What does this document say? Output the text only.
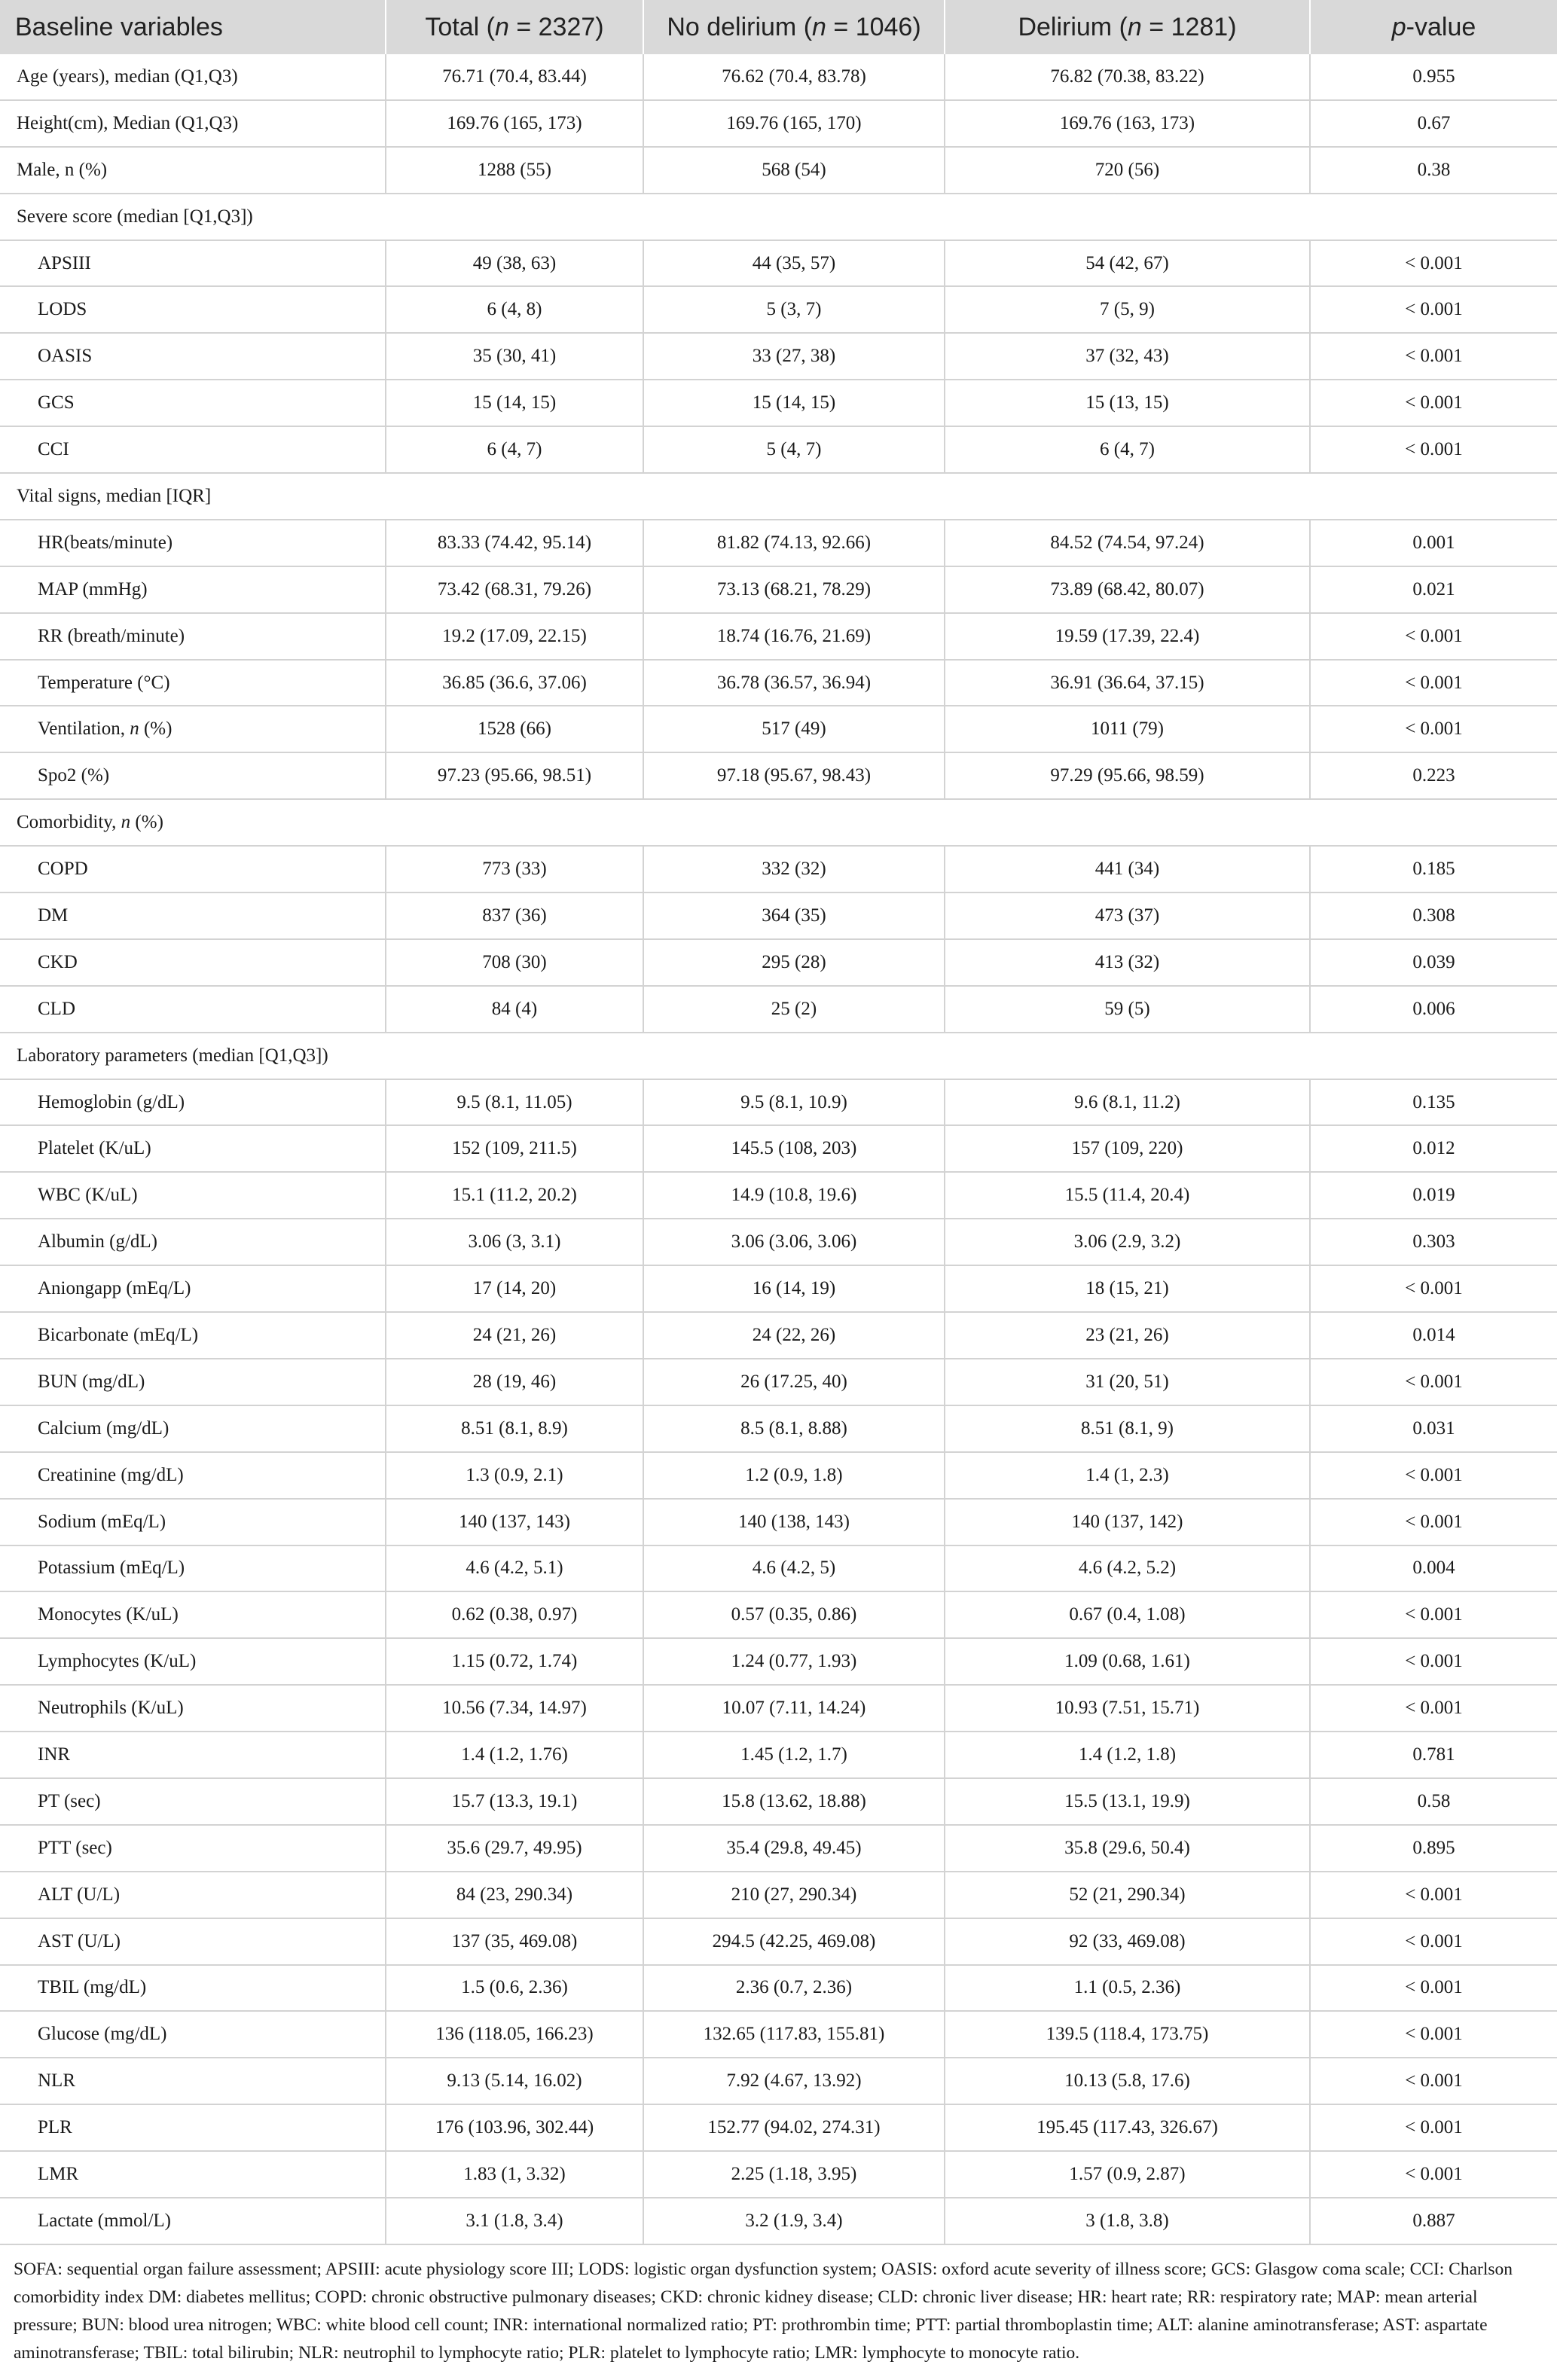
Baseline variables	Total (n = 2327)	No delirium (n = 1046)	Delirium (n = 1281)	p-value
Age (years), median (Q1,Q3)	76.71 (70.4, 83.44)	76.62 (70.4, 83.78)	76.82 (70.38, 83.22)	0.955
Height(cm), Median (Q1,Q3)	169.76 (165, 173)	169.76 (165, 170)	169.76 (163, 173)	0.67
Male, n (%)	1288 (55)	568 (54)	720 (56)	0.38
Severe score (median [Q1,Q3])				
APSIII	49 (38, 63)	44 (35, 57)	54 (42, 67)	< 0.001
LODS	6 (4, 8)	5 (3, 7)	7 (5, 9)	< 0.001
OASIS	35 (30, 41)	33 (27, 38)	37 (32, 43)	< 0.001
GCS	15 (14, 15)	15 (14, 15)	15 (13, 15)	< 0.001
CCI	6 (4, 7)	5 (4, 7)	6 (4, 7)	< 0.001
Vital signs, median [IQR]				
HR(beats/minute)	83.33 (74.42, 95.14)	81.82 (74.13, 92.66)	84.52 (74.54, 97.24)	0.001
MAP (mmHg)	73.42 (68.31, 79.26)	73.13 (68.21, 78.29)	73.89 (68.42, 80.07)	0.021
RR (breath/minute)	19.2 (17.09, 22.15)	18.74 (16.76, 21.69)	19.59 (17.39, 22.4)	< 0.001
Temperature (°C)	36.85 (36.6, 37.06)	36.78 (36.57, 36.94)	36.91 (36.64, 37.15)	< 0.001
Ventilation, n (%)	1528 (66)	517 (49)	1011 (79)	< 0.001
Spo2 (%)	97.23 (95.66, 98.51)	97.18 (95.67, 98.43)	97.29 (95.66, 98.59)	0.223
Comorbidity, n (%)				
COPD	773 (33)	332 (32)	441 (34)	0.185
DM	837 (36)	364 (35)	473 (37)	0.308
CKD	708 (30)	295 (28)	413 (32)	0.039
CLD	84 (4)	25 (2)	59 (5)	0.006
Laboratory parameters (median [Q1,Q3])				
Hemoglobin (g/dL)	9.5 (8.1, 11.05)	9.5 (8.1, 10.9)	9.6 (8.1, 11.2)	0.135
Platelet (K/uL)	152 (109, 211.5)	145.5 (108, 203)	157 (109, 220)	0.012
WBC (K/uL)	15.1 (11.2, 20.2)	14.9 (10.8, 19.6)	15.5 (11.4, 20.4)	0.019
Albumin (g/dL)	3.06 (3, 3.1)	3.06 (3.06, 3.06)	3.06 (2.9, 3.2)	0.303
Aniongapp (mEq/L)	17 (14, 20)	16 (14, 19)	18 (15, 21)	< 0.001
Bicarbonate (mEq/L)	24 (21, 26)	24 (22, 26)	23 (21, 26)	0.014
BUN (mg/dL)	28 (19, 46)	26 (17.25, 40)	31 (20, 51)	< 0.001
Calcium (mg/dL)	8.51 (8.1, 8.9)	8.5 (8.1, 8.88)	8.51 (8.1, 9)	0.031
Creatinine (mg/dL)	1.3 (0.9, 2.1)	1.2 (0.9, 1.8)	1.4 (1, 2.3)	< 0.001
Sodium (mEq/L)	140 (137, 143)	140 (138, 143)	140 (137, 142)	< 0.001
Potassium (mEq/L)	4.6 (4.2, 5.1)	4.6 (4.2, 5)	4.6 (4.2, 5.2)	0.004
Monocytes (K/uL)	0.62 (0.38, 0.97)	0.57 (0.35, 0.86)	0.67 (0.4, 1.08)	< 0.001
Lymphocytes (K/uL)	1.15 (0.72, 1.74)	1.24 (0.77, 1.93)	1.09 (0.68, 1.61)	< 0.001
Neutrophils (K/uL)	10.56 (7.34, 14.97)	10.07 (7.11, 14.24)	10.93 (7.51, 15.71)	< 0.001
INR	1.4 (1.2, 1.76)	1.45 (1.2, 1.7)	1.4 (1.2, 1.8)	0.781
PT (sec)	15.7 (13.3, 19.1)	15.8 (13.62, 18.88)	15.5 (13.1, 19.9)	0.58
PTT (sec)	35.6 (29.7, 49.95)	35.4 (29.8, 49.45)	35.8 (29.6, 50.4)	0.895
ALT (U/L)	84 (23, 290.34)	210 (27, 290.34)	52 (21, 290.34)	< 0.001
AST (U/L)	137 (35, 469.08)	294.5 (42.25, 469.08)	92 (33, 469.08)	< 0.001
TBIL (mg/dL)	1.5 (0.6, 2.36)	2.36 (0.7, 2.36)	1.1 (0.5, 2.36)	< 0.001
Glucose (mg/dL)	136 (118.05, 166.23)	132.65 (117.83, 155.81)	139.5 (118.4, 173.75)	< 0.001
NLR	9.13 (5.14, 16.02)	7.92 (4.67, 13.92)	10.13 (5.8, 17.6)	< 0.001
PLR	176 (103.96, 302.44)	152.77 (94.02, 274.31)	195.45 (117.43, 326.67)	< 0.001
LMR	1.83 (1, 3.32)	2.25 (1.18, 3.95)	1.57 (0.9, 2.87)	< 0.001
Lactate (mmol/L)	3.1 (1.8, 3.4)	3.2 (1.9, 3.4)	3 (1.8, 3.8)	0.887

SOFA: sequential organ failure assessment; APSIII: acute physiology score III; LODS: logistic organ dysfunction system; OASIS: oxford acute severity of illness score; GCS: Glasgow coma scale; CCI: Charlson comorbidity index DM: diabetes mellitus; COPD: chronic obstructive pulmonary diseases; CKD: chronic kidney disease; CLD: chronic liver disease; HR: heart rate; RR: respiratory rate; MAP: mean arterial pressure; BUN: blood urea nitrogen; WBC: white blood cell count; INR: international normalized ratio; PT: prothrombin time; PTT: partial thromboplastin time; ALT: alanine aminotransferase; AST: aspartate aminotransferase; TBIL: total bilirubin; NLR: neutrophil to lymphocyte ratio; PLR: platelet to lymphocyte ratio; LMR: lymphocyte to monocyte ratio.
